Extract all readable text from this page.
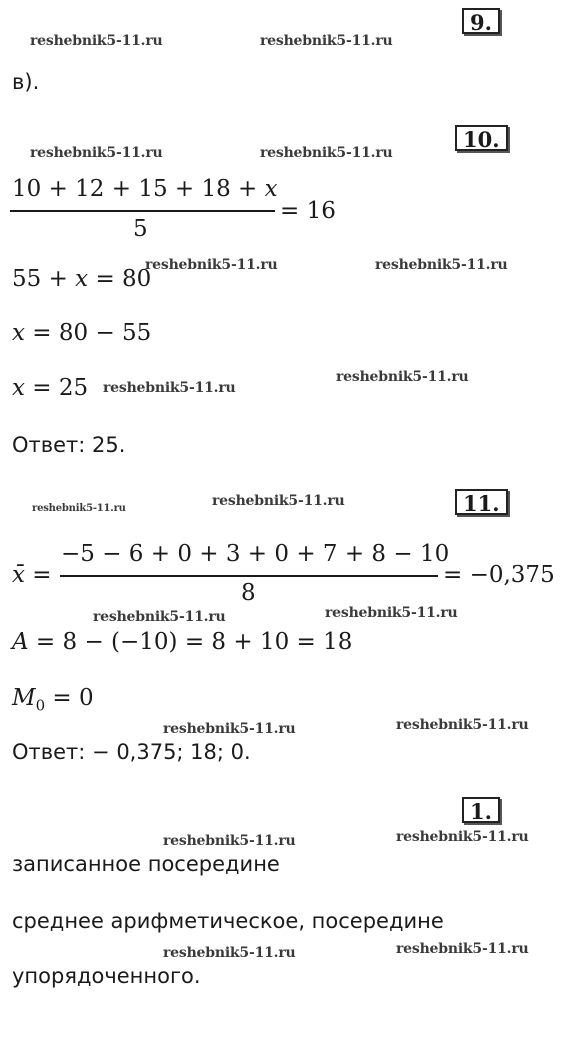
9.
reshebnik5-11.ru	reshebnik5-11.ru
в).
10.
reshebnik5-11.ru	reshebnik5-11.ru
10 + 12 + 15 + 18 + x
5
= 16
55 + x = 80
reshebnik5-11.ru	reshebnik5-11.ru
x = 80 − 55
x = 25 reshebnik5-11.ru
reshebnik5-11.ru
Ответ: 25.
reshebnik5-11.ru	reshebnik5-11.ru	11.
x̄ =
−5 − 6 + 0 + 3 + 0 + 7 + 8 − 10
8
= −0,375
reshebnik5-11.ru	reshebnik5-11.ru
A = 8 − (−10) = 8 + 10 = 18
$M_0 = 0$
reshebnik5-11.ru	reshebnik5-11.ru
Ответ: − 0,375; 18; 0.
1.
reshebnik5-11.ru	reshebnik5-11.ru
записанное посередине
среднее арифметическое, посередине
reshebnik5-11.ru	reshebnik5-11.ru
упорядоченного.
